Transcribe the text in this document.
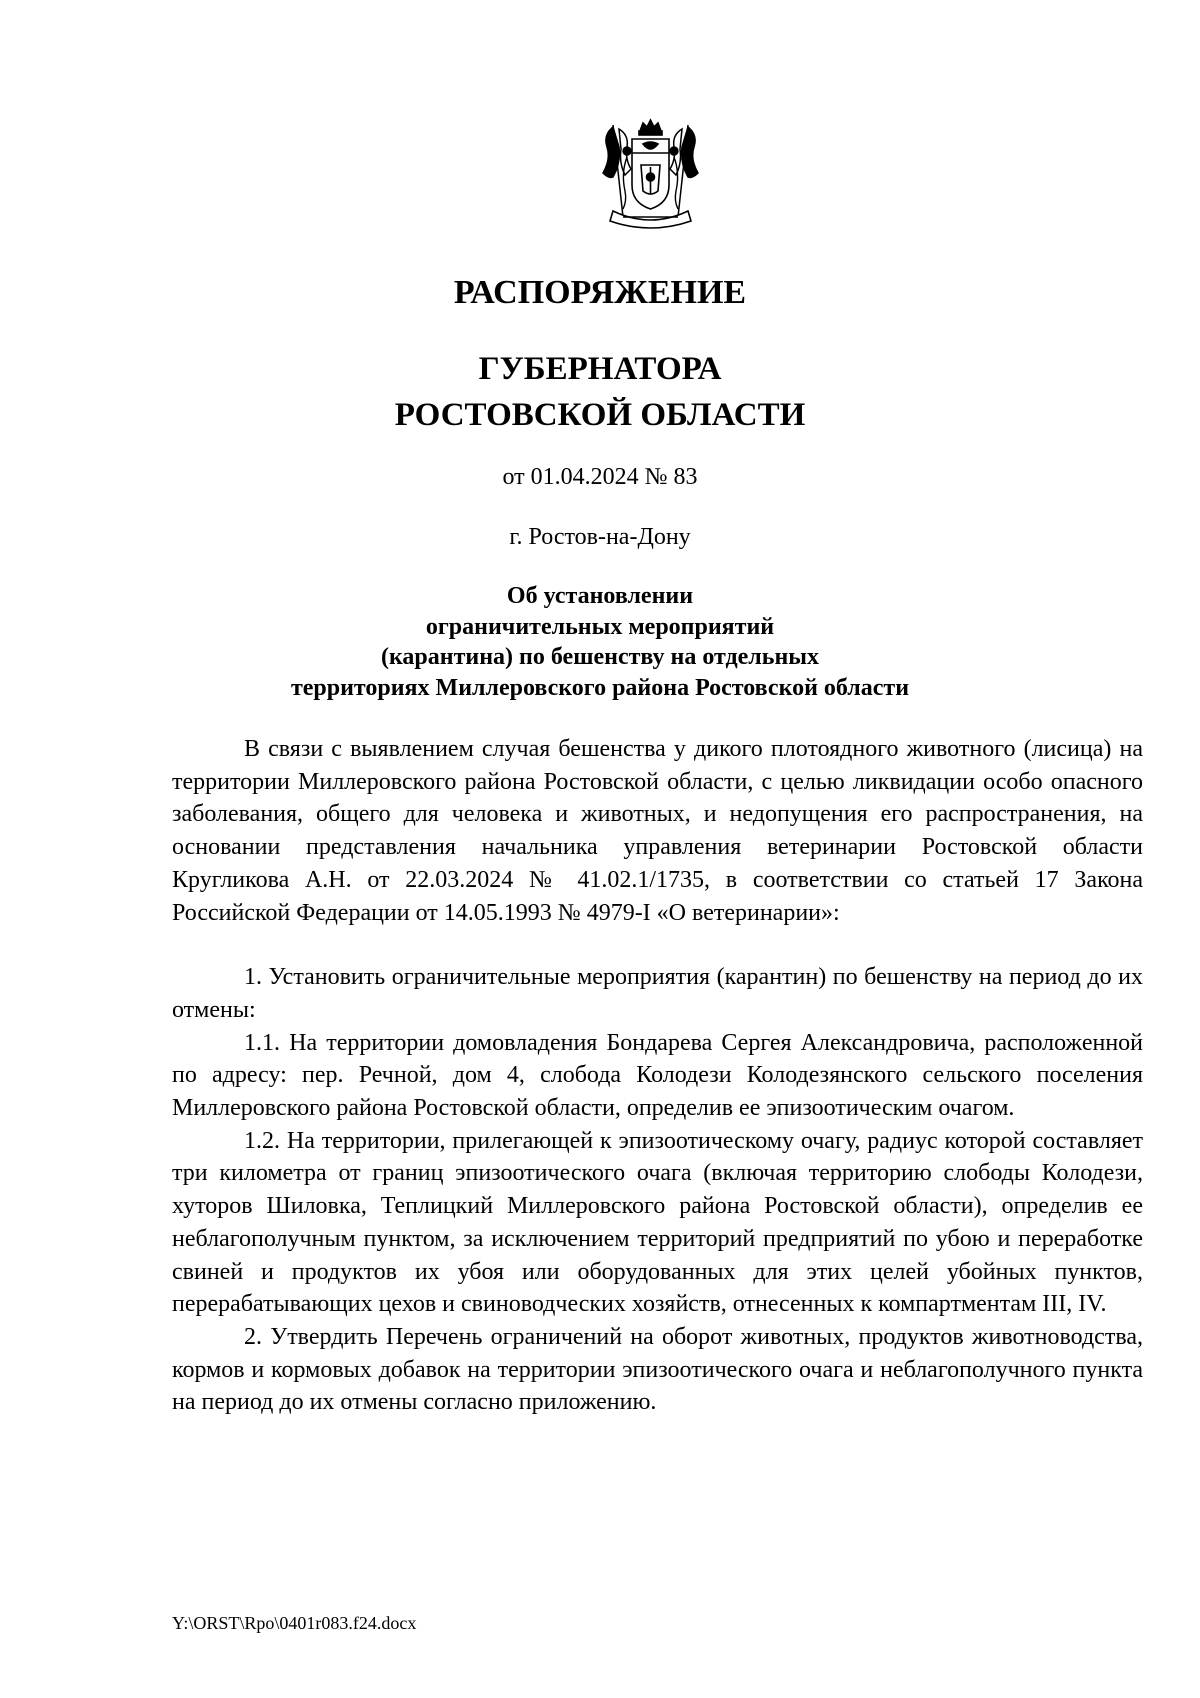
РАСПОРЯЖЕНИЕ
ГУБЕРНАТОРА
РОСТОВСКОЙ ОБЛАСТИ

от 01.04.2024 № 83

г. Ростов-на-Дону

Об установлении
ограничительных мероприятий
(карантина) по бешенству на отдельных
территориях Миллеровского района Ростовской области

В связи с выявлением случая бешенства у дикого плотоядного животного (лисица) на территории Миллеровского района Ростовской области, с целью ликвидации особо опасного заболевания, общего для человека и животных, и недопущения его распространения, на основании представления начальника управления ветеринарии Ростовской области Кругликова А.Н. от 22.03.2024 № 41.02.1/1735, в соответствии со статьей 17 Закона Российской Федерации от 14.05.1993 № 4979-I «О ветеринарии»:

1. Установить ограничительные мероприятия (карантин) по бешенству на период до их отмены:

1.1. На территории домовладения Бондарева Сергея Александровича, расположенной по адресу: пер. Речной, дом 4, слобода Колодези Колодезянского сельского поселения Миллеровского района Ростовской области, определив ее эпизоотическим очагом.

1.2. На территории, прилегающей к эпизоотическому очагу, радиус которой составляет три километра от границ эпизоотического очага (включая территорию слободы Колодези, хуторов Шиловка, Теплицкий Миллеровского района Ростовской области), определив ее неблагополучным пунктом, за исключением территорий предприятий по убою и переработке свиней и продуктов их убоя или оборудованных для этих целей убойных пунктов, перерабатывающих цехов и свиноводческих хозяйств, отнесенных к компартментам III, IV.

2. Утвердить Перечень ограничений на оборот животных, продуктов животноводства, кормов и кормовых добавок на территории эпизоотического очага и неблагополучного пункта на период до их отмены согласно приложению.

Y:\ORST\Rpo\0401r083.f24.docx
